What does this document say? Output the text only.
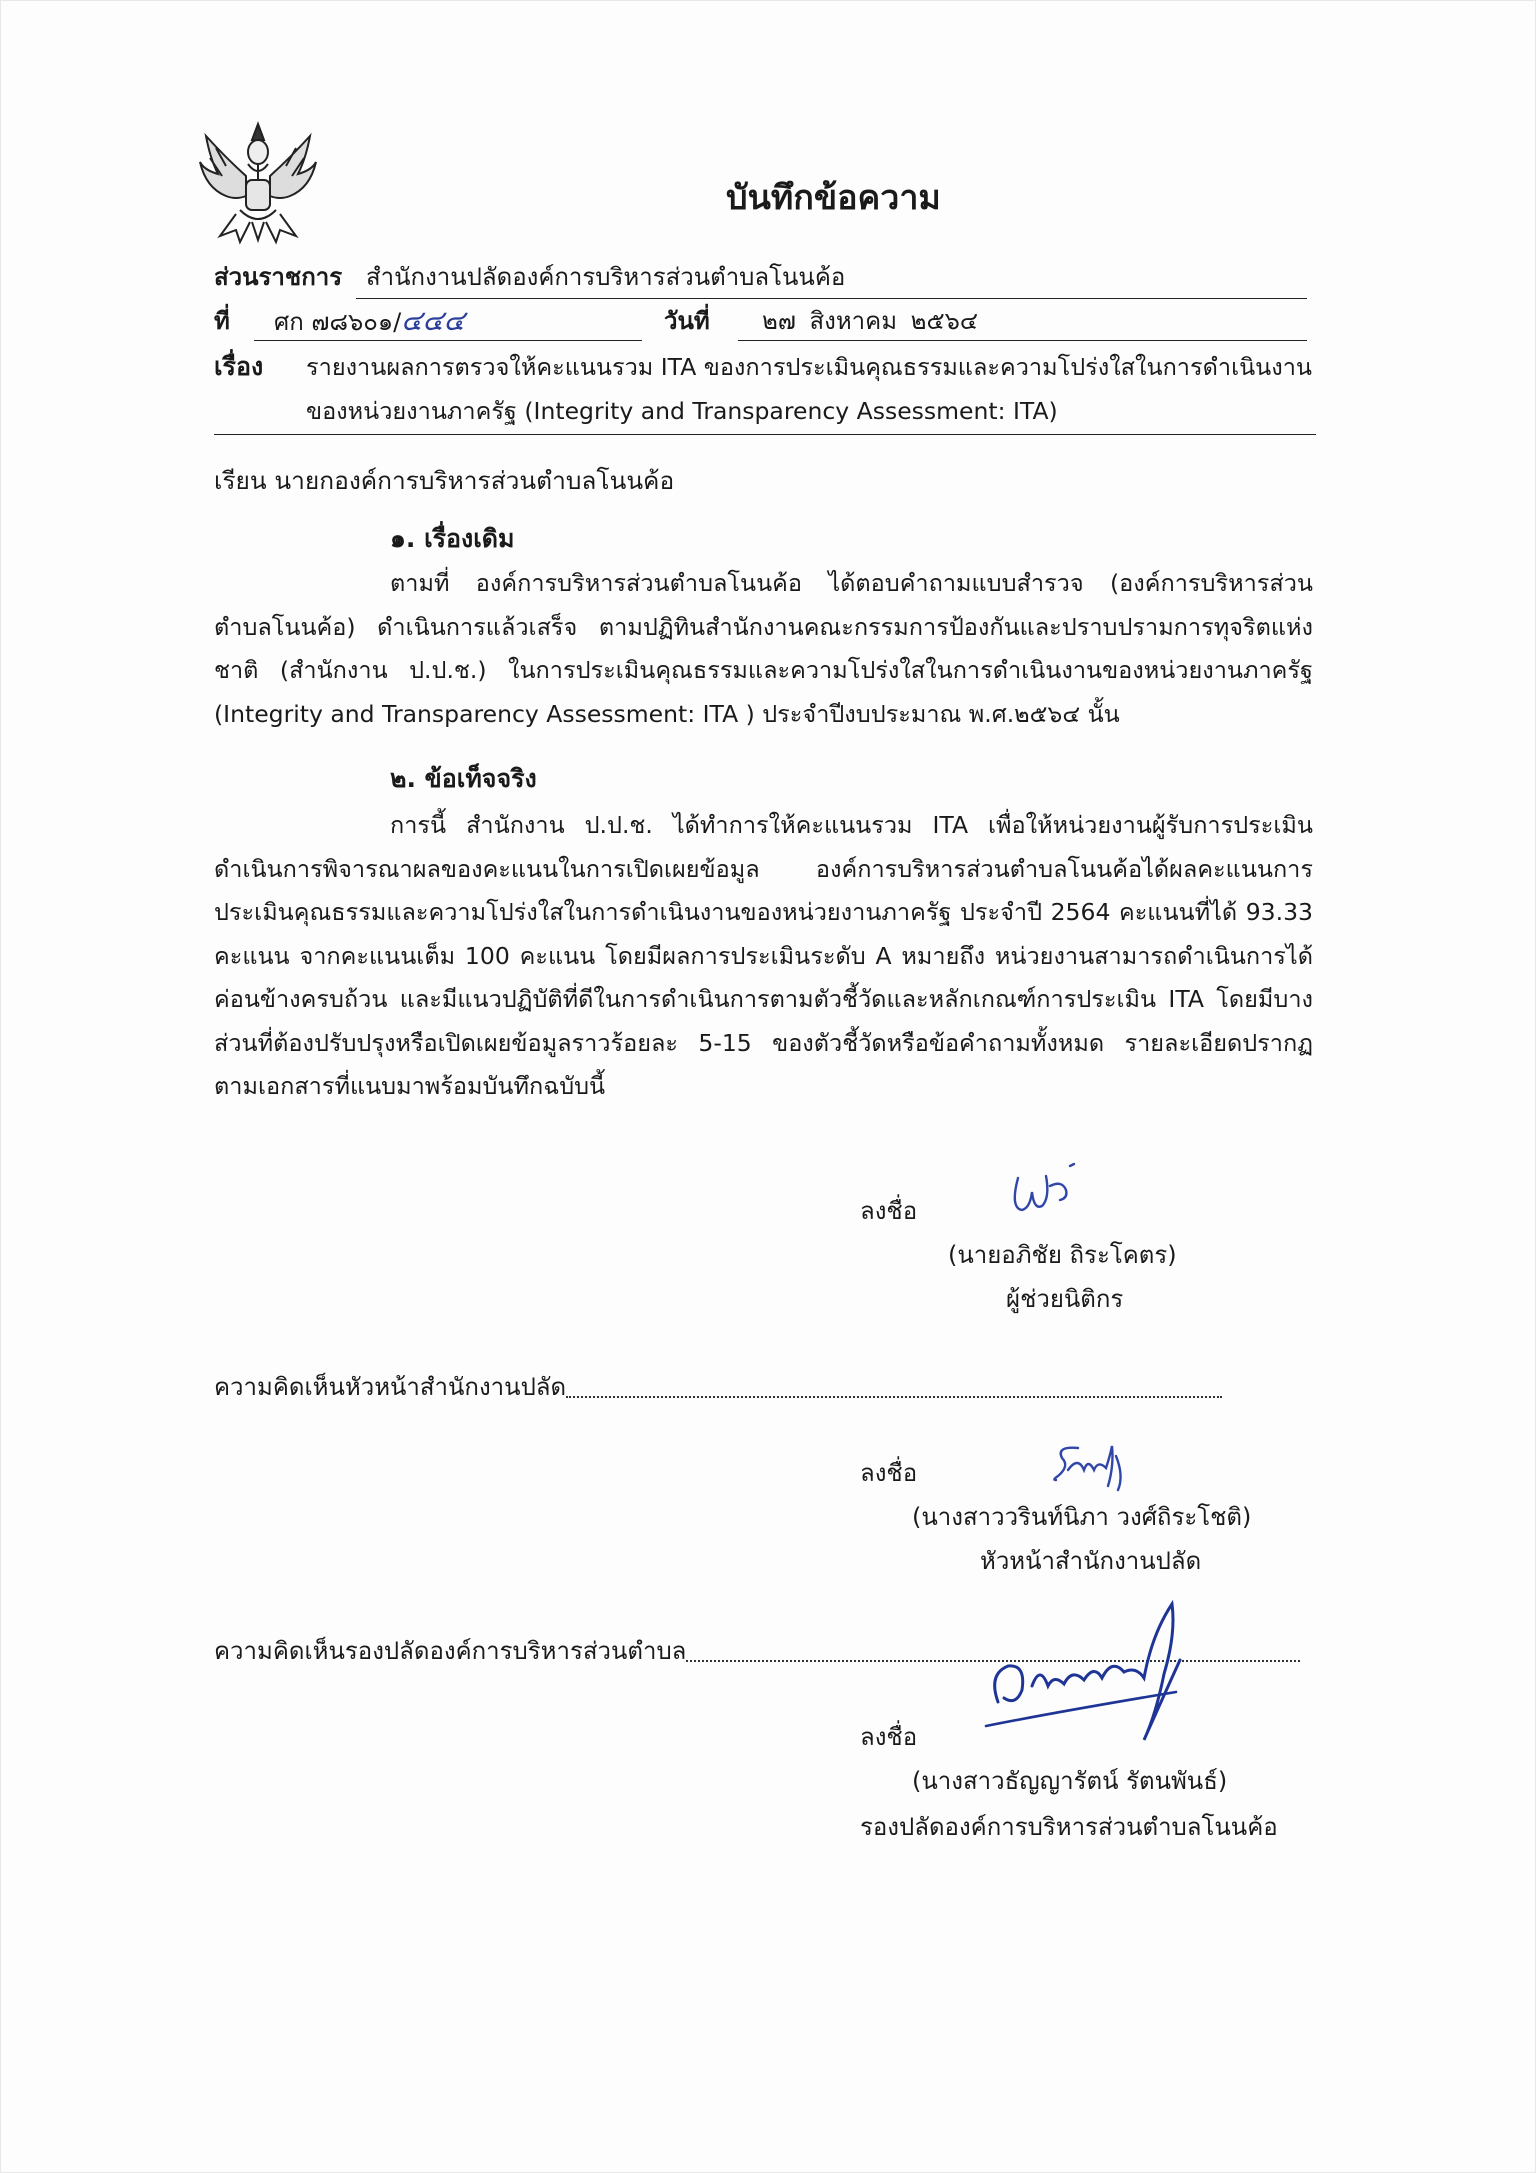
บันทึกข้อความ
ส่วนราชการ สำนักงานปลัดองค์การบริหารส่วนตำบลโนนค้อ
ที่ ศก ๗๘๖๐๑/๔๔๔	วันที่ ๒๗ สิงหาคม ๒๕๖๔
เรื่อง รายงานผลการตรวจให้คะแนนรวม ITA ของการประเมินคุณธรรมและความโปร่งใสในการดำเนินงาน
ของหน่วยงานภาครัฐ (Integrity and Transparency Assessment: ITA)
เรียน นายกองค์การบริหารส่วนตำบลโนนค้อ
๑. เรื่องเดิม
ตามที่ องค์การบริหารส่วนตำบลโนนค้อ ได้ตอบคำถามแบบสำรวจ (องค์การบริหารส่วนตำบลโนนค้อ) ดำเนินการแล้วเสร็จ ตามปฏิทินสำนักงานคณะกรรมการป้องกันและปราบปรามการทุจริตแห่งชาติ (สำนักงาน ป.ป.ช.) ในการประเมินคุณธรรมและความโปร่งใสในการดำเนินงานของหน่วยงานภาครัฐ (Integrity and Transparency Assessment: ITA ) ประจำปีงบประมาณ พ.ศ.๒๕๖๔ นั้น
๒. ข้อเท็จจริง
การนี้ สำนักงาน ป.ป.ช. ได้ทำการให้คะแนนรวม ITA เพื่อให้หน่วยงานผู้รับการประเมินดำเนินการพิจารณาผลของคะแนนในการเปิดเผยข้อมูล องค์การบริหารส่วนตำบลโนนค้อได้ผลคะแนนการประเมินคุณธรรมและความโปร่งใสในการดำเนินงานของหน่วยงานภาครัฐ ประจำปี 2564 คะแนนที่ได้ 93.33 คะแนน จากคะแนนเต็ม 100 คะแนน โดยมีผลการประเมินระดับ A หมายถึง หน่วยงานสามารถดำเนินการได้ค่อนข้างครบถ้วน และมีแนวปฏิบัติที่ดีในการดำเนินการตามตัวชี้วัดและหลักเกณฑ์การประเมิน ITA โดยมีบางส่วนที่ต้องปรับปรุงหรือเปิดเผยข้อมูลราวร้อยละ 5-15 ของตัวชี้วัดหรือข้อคำถามทั้งหมด รายละเอียดปรากฏตามเอกสารที่แนบมาพร้อมบันทึกฉบับนี้
ลงชื่อ
(นายอภิชัย ถิระโคตร)
ผู้ช่วยนิติกร
ความคิดเห็นหัวหน้าสำนักงานปลัด
ลงชื่อ
(นางสาววรินท์นิภา วงศ์ถิระโชติ)
หัวหน้าสำนักงานปลัด
ความคิดเห็นรองปลัดองค์การบริหารส่วนตำบล
ลงชื่อ
(นางสาวธัญญารัตน์ รัตนพันธ์)
รองปลัดองค์การบริหารส่วนตำบลโนนค้อ
